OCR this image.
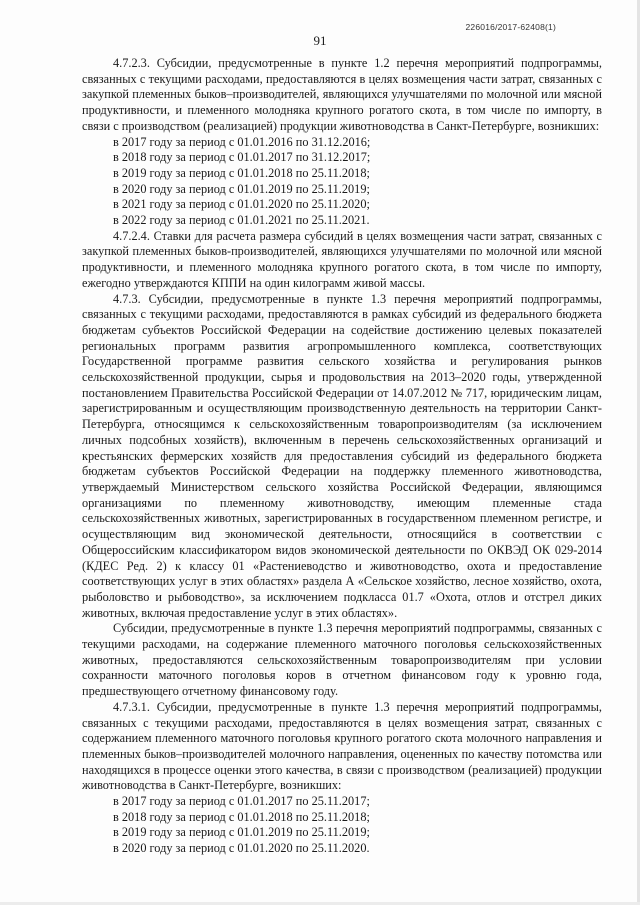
226016/2017-62408(1)
91

4.7.2.3. Субсидии, предусмотренные в пункте 1.2 перечня мероприятий подпрограммы, связанных с текущими расходами, предоставляются в целях возмещения части затрат, связанных с закупкой племенных быков–производителей, являющихся улучшателями по молочной или мясной продуктивности, и племенного молодняка крупного рогатого скота, в том числе по импорту, в связи с производством (реализацией) продукции животноводства в Санкт-Петербурге, возникших:

в 2017 году за период с 01.01.2016 по 31.12.2016;

в 2018 году за период с 01.01.2017 по 31.12.2017;

в 2019 году за период с 01.01.2018 по 25.11.2018;

в 2020 году за период с 01.01.2019 по 25.11.2019;

в 2021 году за период с 01.01.2020 по 25.11.2020;

в 2022 году за период с 01.01.2021 по 25.11.2021.

4.7.2.4. Ставки для расчета размера субсидий в целях возмещения части затрат, связанных с закупкой племенных быков-производителей, являющихся улучшателями по молочной или мясной продуктивности, и племенного молодняка крупного рогатого скота, в том числе по импорту, ежегодно утверждаются КППИ на один килограмм живой массы.

4.7.3. Субсидии, предусмотренные в пункте 1.3 перечня мероприятий подпрограммы, связанных с текущими расходами, предоставляются в рамках субсидий из федерального бюджета бюджетам субъектов Российской Федерации на содействие достижению целевых показателей региональных программ развития агропромышленного комплекса, соответствующих Государственной программе развития сельского хозяйства и регулирования рынков сельскохозяйственной продукции, сырья и продовольствия на 2013–2020 годы, утвержденной постановлением Правительства Российской Федерации от 14.07.2012 № 717, юридическим лицам, зарегистрированным и осуществляющим производственную деятельность на территории Санкт-Петербурга, относящимся к сельскохозяйственным товаропроизводителям (за исключением личных подсобных хозяйств), включенным в перечень сельскохозяйственных организаций и крестьянских фермерских хозяйств для предоставления субсидий из федерального бюджета бюджетам субъектов Российской Федерации на поддержку племенного животноводства, утверждаемый Министерством сельского хозяйства Российской Федерации, являющимся организациями по племенному животноводству, имеющим племенные стада сельскохозяйственных животных, зарегистрированных в государственном племенном регистре, и осуществляющим вид экономической деятельности, относящийся в соответствии с Общероссийским классификатором видов экономической деятельности по ОКВЭД ОК 029-2014 (КДЕС Ред. 2) к классу 01 «Растениеводство и животноводство, охота и предоставление соответствующих услуг в этих областях» раздела А «Сельское хозяйство, лесное хозяйство, охота, рыболовство и рыбоводство», за исключением подкласса 01.7 «Охота, отлов и отстрел диких животных, включая предоставление услуг в этих областях».

Субсидии, предусмотренные в пункте 1.3 перечня мероприятий подпрограммы, связанных с текущими расходами, на содержание племенного маточного поголовья сельскохозяйственных животных, предоставляются сельскохозяйственным товаропроизводителям при условии сохранности маточного поголовья коров в отчетном финансовом году к уровню года, предшествующего отчетному финансовому году.

4.7.3.1. Субсидии, предусмотренные в пункте 1.3 перечня мероприятий подпрограммы, связанных с текущими расходами, предоставляются в целях возмещения затрат, связанных с содержанием племенного маточного поголовья крупного рогатого скота молочного направления и племенных быков–производителей молочного направления, оцененных по качеству потомства или находящихся в процессе оценки этого качества, в связи с производством (реализацией) продукции животноводства в Санкт-Петербурге, возникших:

в 2017 году за период с 01.01.2017 по 25.11.2017;

в 2018 году за период с 01.01.2018 по 25.11.2018;

в 2019 году за период с 01.01.2019 по 25.11.2019;

в 2020 году за период с 01.01.2020 по 25.11.2020.
